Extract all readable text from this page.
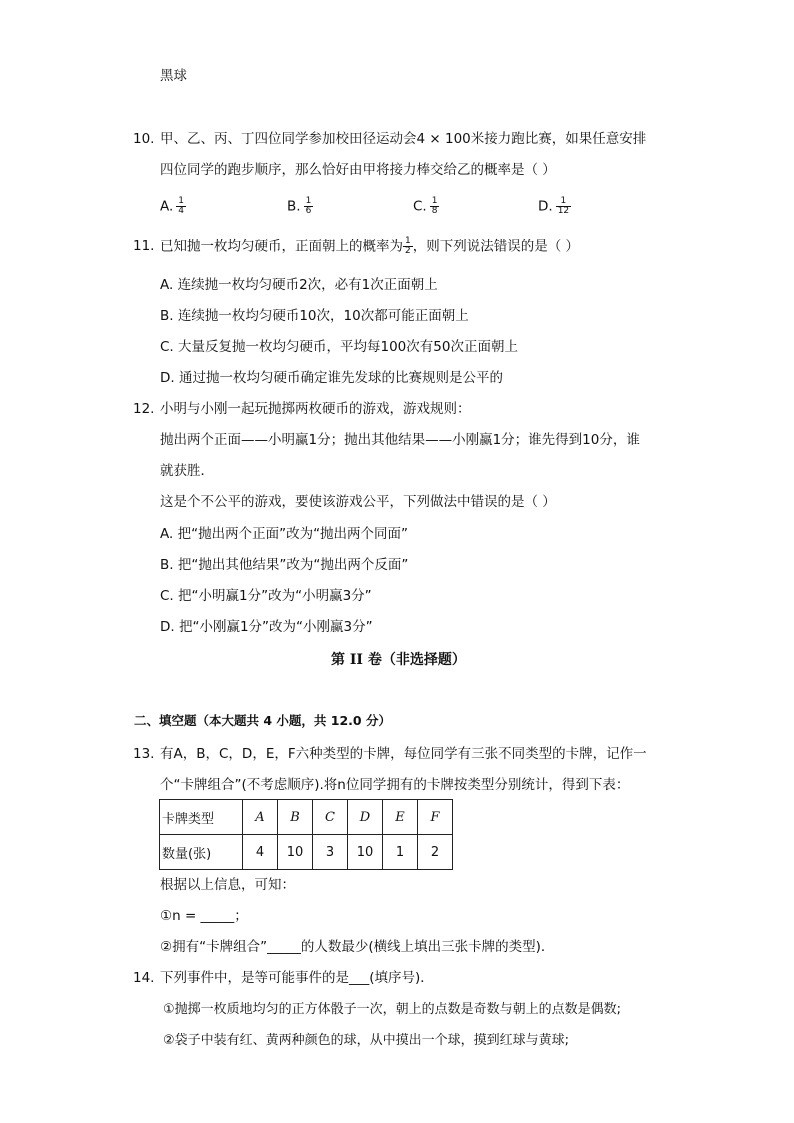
黑球
10. 甲、乙、丙、丁四位同学参加校田径运动会4 × 100米接力跑比赛，如果任意安排
四位同学的跑步顺序，那么恰好由甲将接力棒交给乙的概率是（ ）
A. $\frac{1}{4}$	B. $\frac{1}{6}$	C. $\frac{1}{8}$	D. $\frac{1}{12}$
11. 已知抛一枚均匀硬币，正面朝上的概率为 $\frac{1}{2}$ ，则下列说法错误的是（ ）
A. 连续抛一枚均匀硬币2次，必有1次正面朝上
B. 连续抛一枚均匀硬币10次，10次都可能正面朝上
C. 大量反复抛一枚均匀硬币，平均每100次有50次正面朝上
D. 通过抛一枚均匀硬币确定谁先发球的比赛规则是公平的
12. 小明与小刚一起玩抛掷两枚硬币的游戏，游戏规则：
抛出两个正面——小明赢1分；抛出其他结果——小刚赢1分；谁先得到10分，谁
就获胜．
这是个不公平的游戏，要使该游戏公平，下列做法中错误的是（ ）
A. 把“抛出两个正面”改为“抛出两个同面”
B. 把“抛出其他结果”改为“抛出两个反面”
C. 把“小明赢1分”改为“小明赢3分”
D. 把“小刚赢1分”改为“小刚赢3分”
第 II 卷（非选择题）
二、填空题（本大题共 4 小题，共 12.0 分）
13. 有A，B，C，D，E，F六种类型的卡牌，每位同学有三张不同类型的卡牌，记作一
个“卡牌组合”(不考虑顺序).将n位同学拥有的卡牌按类型分别统计，得到下表：
卡牌类型	A	B	C	D	E	F
数量(张)	4	10	3	10	1	2
根据以上信息，可知：
①n = _____；
②拥有“卡牌组合”_____的人数最少(横线上填出三张卡牌的类型)．
14. 下列事件中，是等可能事件的是___(填序号)．
①抛掷一枚质地均匀的正方体骰子一次，朝上的点数是奇数与朝上的点数是偶数;
②袋子中装有红、黄两种颜色的球，从中摸出一个球，摸到红球与黄球;
